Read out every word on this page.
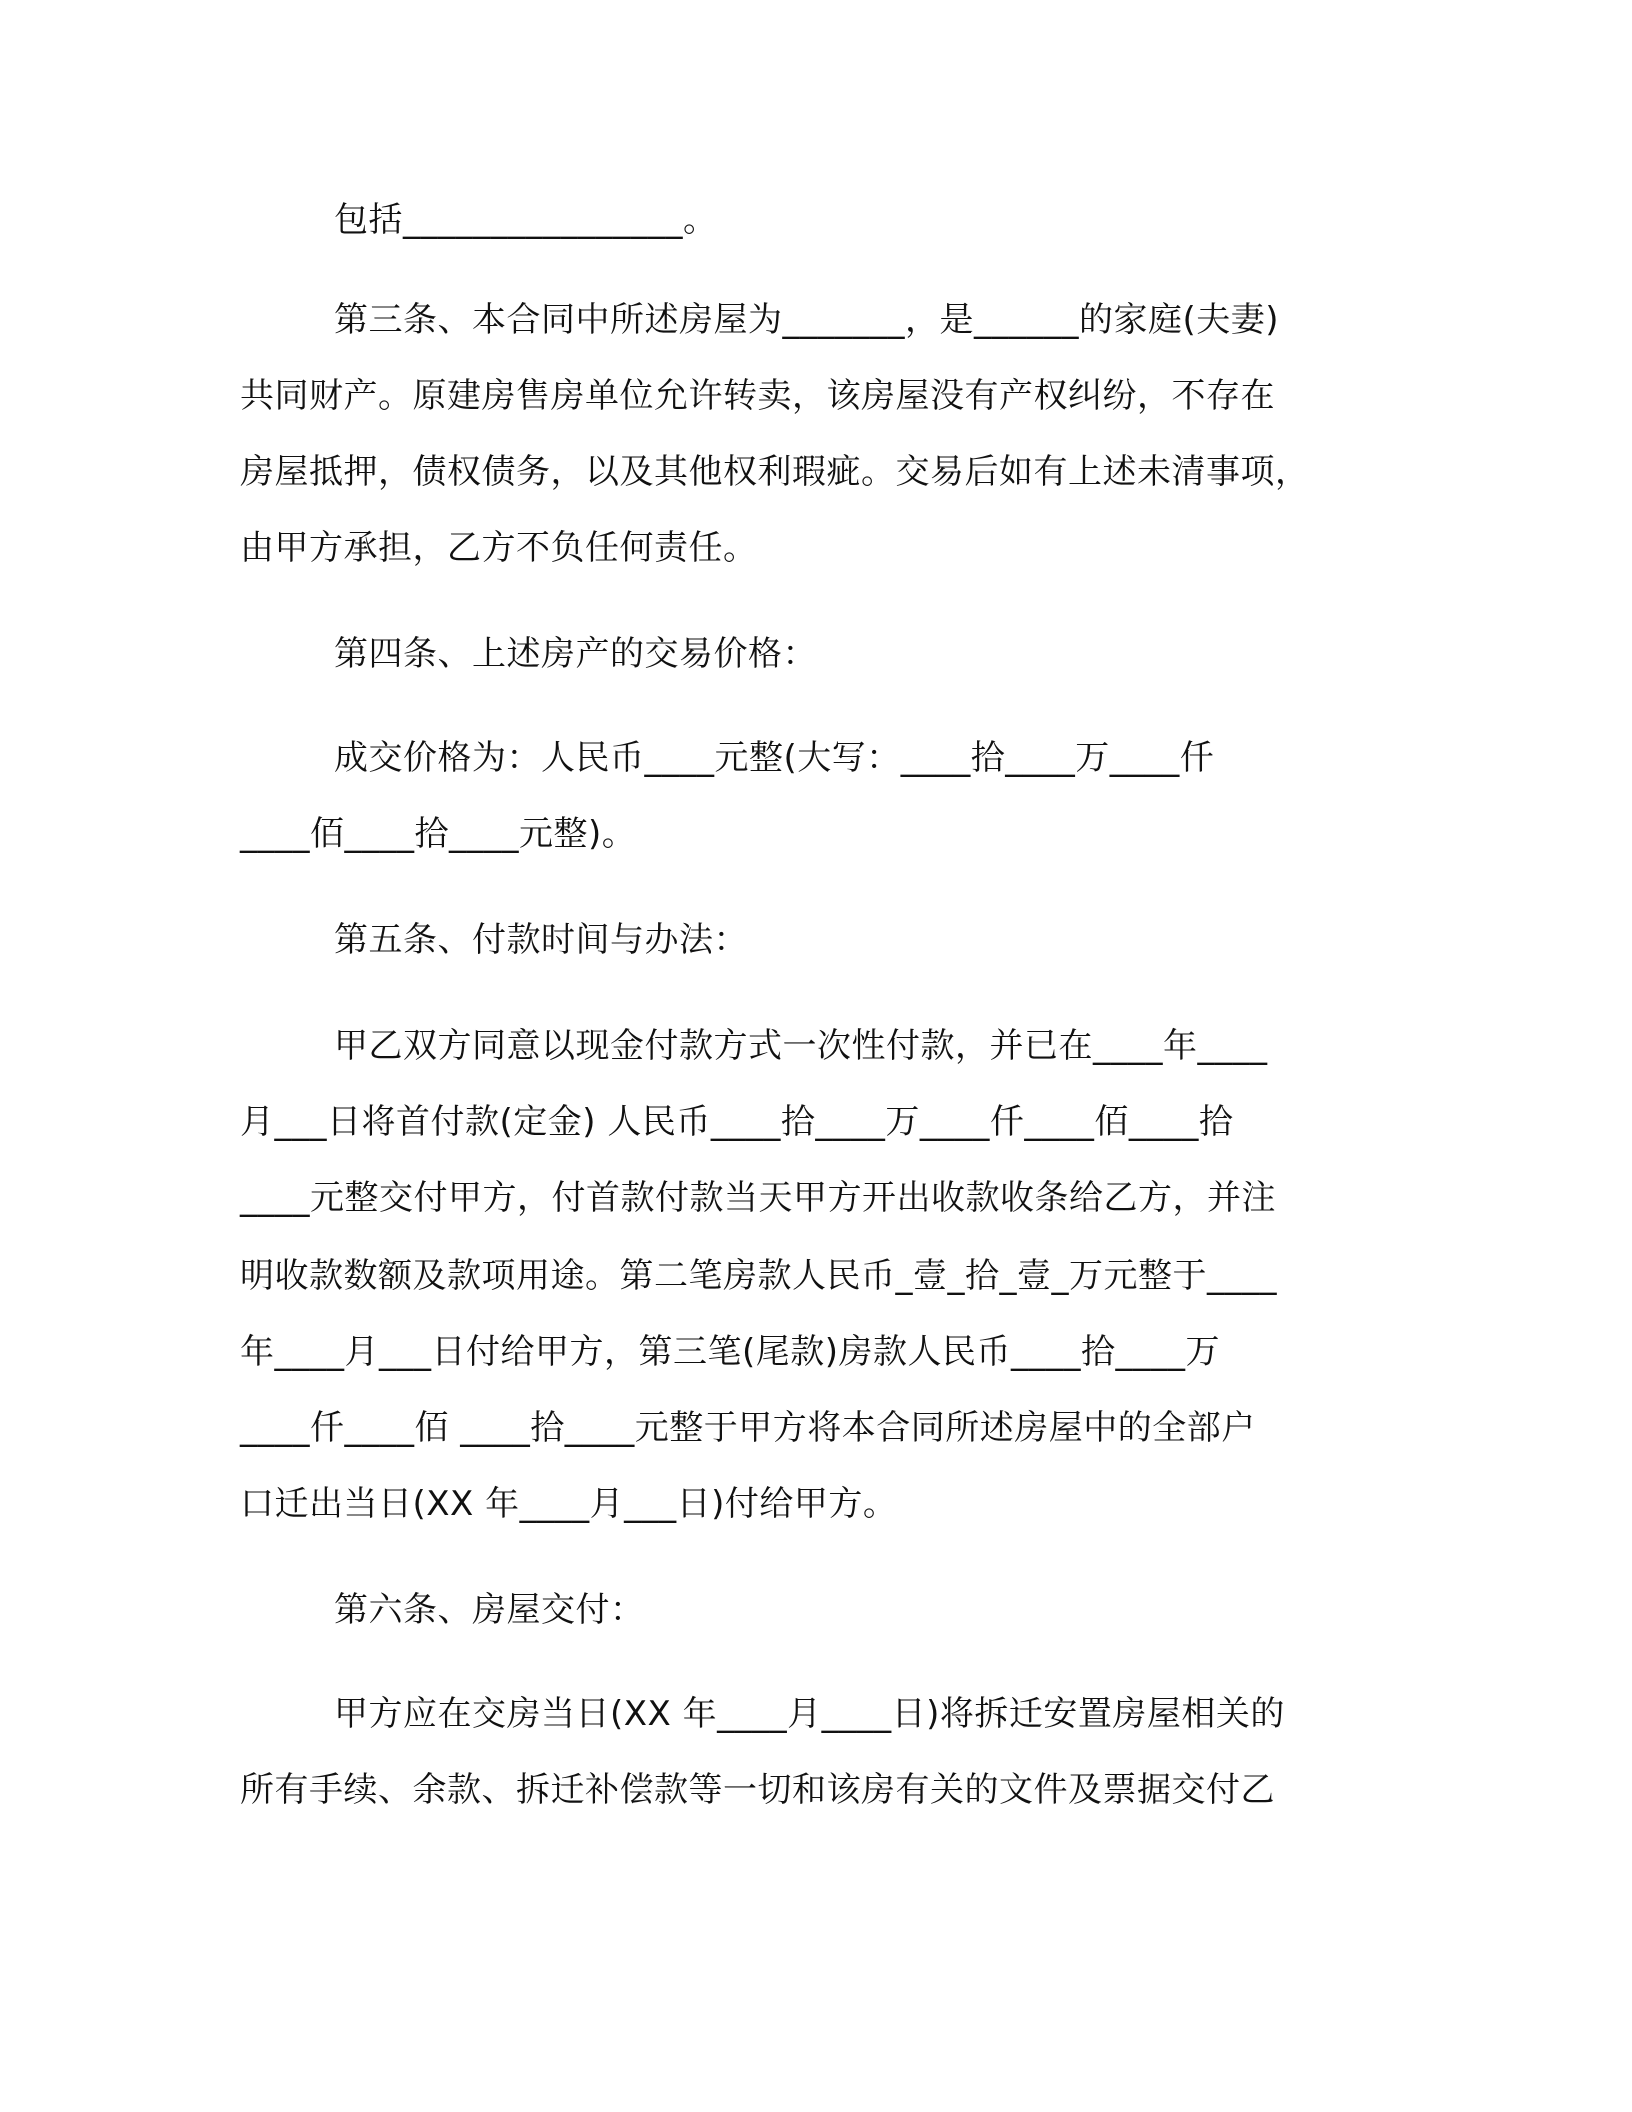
包括________________。
第三条、本合同中所述房屋为_______，是______的家庭(夫妻)
共同财产。原建房售房单位允许转卖，该房屋没有产权纠纷，不存在
房屋抵押，债权债务，以及其他权利瑕疵。交易后如有上述未清事项，
由甲方承担，乙方不负任何责任。
第四条、上述房产的交易价格：
成交价格为：人民币____元整(大写：____拾____万____仟
____佰____拾____元整)。
第五条、付款时间与办法：
甲乙双方同意以现金付款方式一次性付款，并已在____年____
月___日将首付款(定金) 人民币____拾____万____仟____佰____拾
____元整交付甲方，付首款付款当天甲方开出收款收条给乙方，并注
明收款数额及款项用途。第二笔房款人民币_壹_拾_壹_万元整于____
年____月___日付给甲方，第三笔(尾款)房款人民币____拾____万
____仟____佰 ____拾____元整于甲方将本合同所述房屋中的全部户
口迁出当日(XX 年____月___日)付给甲方。
第六条、房屋交付：
甲方应在交房当日(XX 年____月____日)将拆迁安置房屋相关的
所有手续、余款、拆迁补偿款等一切和该房有关的文件及票据交付乙
